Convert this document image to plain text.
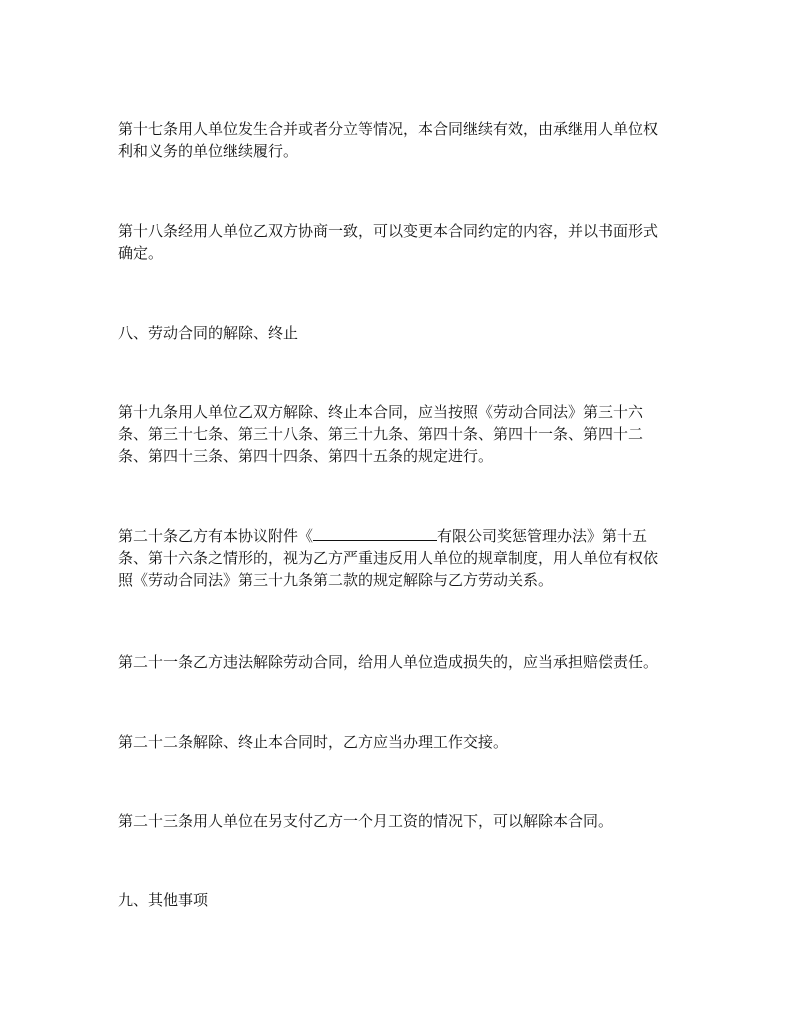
第十七条用人单位发生合并或者分立等情况，本合同继续有效，由承继用人单位权
利和义务的单位继续履行。

第十八条经用人单位乙双方协商一致，可以变更本合同约定的内容，并以书面形式
确定。

八、劳动合同的解除、终止

第十九条用人单位乙双方解除、终止本合同，应当按照《劳动合同法》第三十六
条、第三十七条、第三十八条、第三十九条、第四十条、第四十一条、第四十二
条、第四十三条、第四十四条、第四十五条的规定进行。

第二十条乙方有本协议附件《	有限公司奖惩管理办法》第十五
条、第十六条之情形的，视为乙方严重违反用人单位的规章制度，用人单位有权依
照《劳动合同法》第三十九条第二款的规定解除与乙方劳动关系。

第二十一条乙方违法解除劳动合同，给用人单位造成损失的，应当承担赔偿责任。

第二十二条解除、终止本合同时，乙方应当办理工作交接。

第二十三条用人单位在另支付乙方一个月工资的情况下，可以解除本合同。

九、其他事项
